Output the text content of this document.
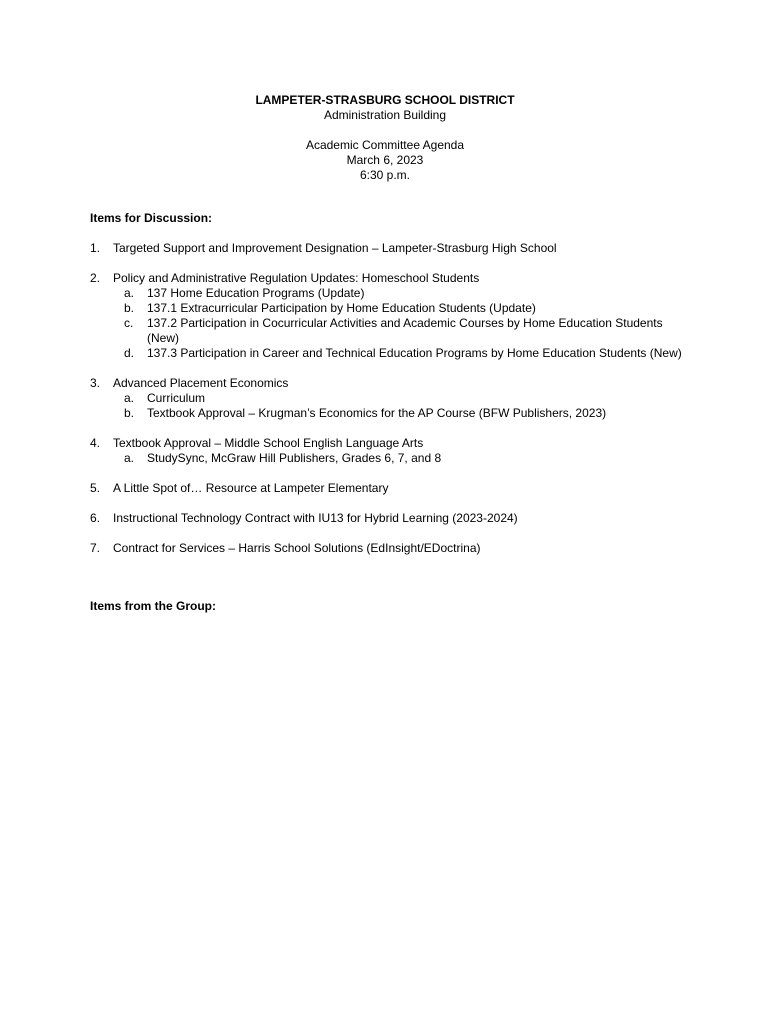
LAMPETER-STRASBURG SCHOOL DISTRICT
Administration Building
Academic Committee Agenda
March 6, 2023
6:30 p.m.
Items for Discussion:
1. Targeted Support and Improvement Designation – Lampeter-Strasburg High School
2. Policy and Administrative Regulation Updates: Homeschool Students
a. 137 Home Education Programs (Update)
b. 137.1 Extracurricular Participation by Home Education Students (Update)
c. 137.2 Participation in Cocurricular Activities and Academic Courses by Home Education Students (New)
d. 137.3 Participation in Career and Technical Education Programs by Home Education Students (New)
3. Advanced Placement Economics
a. Curriculum
b. Textbook Approval – Krugman’s Economics for the AP Course (BFW Publishers, 2023)
4. Textbook Approval – Middle School English Language Arts
a. StudySync, McGraw Hill Publishers, Grades 6, 7, and 8
5. A Little Spot of… Resource at Lampeter Elementary
6. Instructional Technology Contract with IU13 for Hybrid Learning (2023-2024)
7. Contract for Services – Harris School Solutions (EdInsight/EDoctrina)
Items from the Group:
